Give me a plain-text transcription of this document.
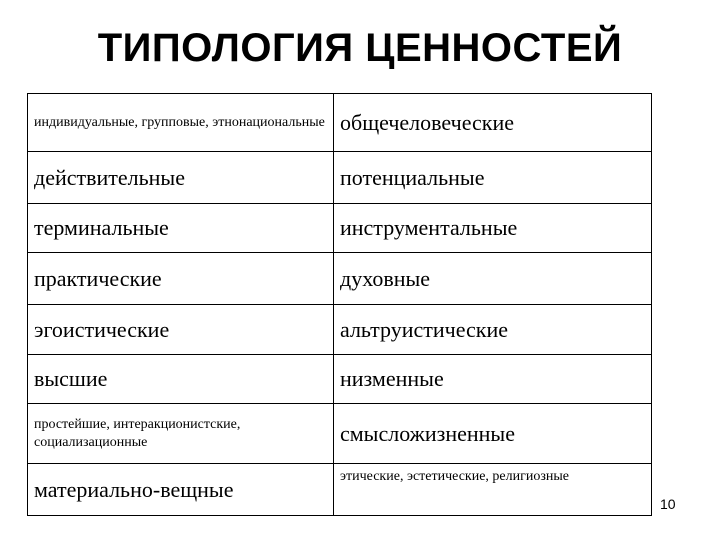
ТИПОЛОГИЯ ЦЕННОСТЕЙ
индивидуальные, групповые, этнонациональные	общечеловеческие
действительные	потенциальные
терминальные	инструментальные
практические	духовные
эгоистические	альтруистические
высшие	низменные
простейшие, интеракционистские, социализационные	смысложизненные
материально-вещные	этические, эстетические, религиозные
10
